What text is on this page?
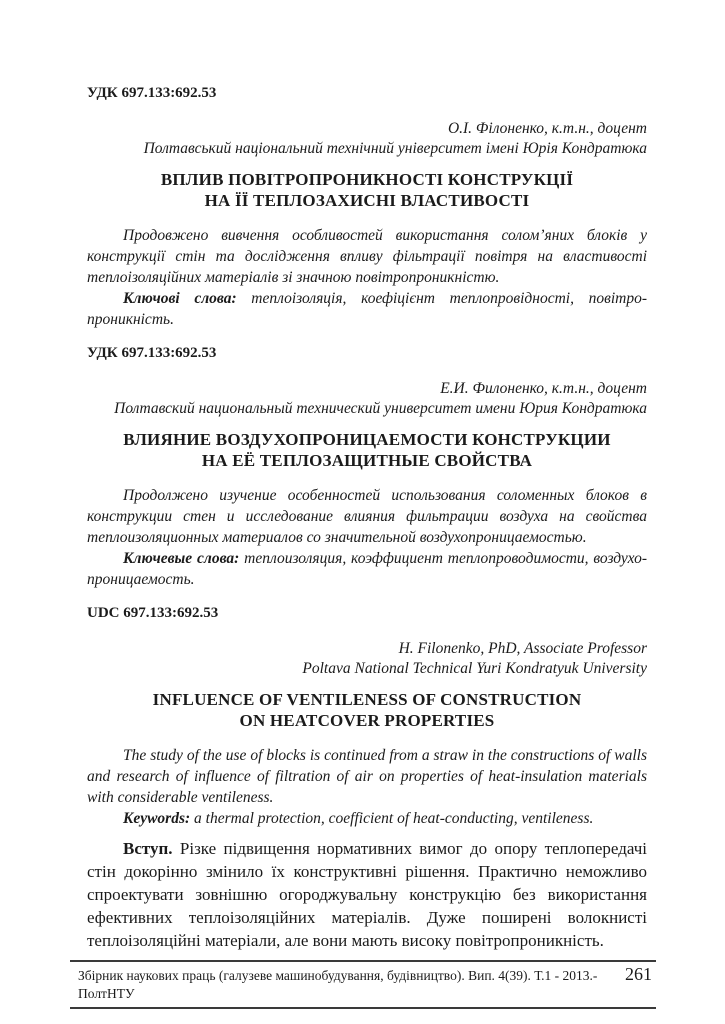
УДК 697.133:692.53

О.І. Філоненко, к.т.н., доцент
Полтавський національний технічний університет імені Юрія Кондратюка
ВПЛИВ ПОВІТРОПРОНИКНОСТІ КОНСТРУКЦІЇ
НА ЇЇ ТЕПЛОЗАХИСНІ ВЛАСТИВОСТІ

Продовжено вивчення особливостей використання солом’яних блоків у конструкції стін та дослідження впливу фільтрації повітря на властивості теплоізоляційних матеріалів зі значною повітропроникністю.

Ключові слова: теплоізоляція, коефіцієнт теплопровідності, повітро-проникність.

УДК 697.133:692.53

Е.И. Филоненко, к.т.н., доцент
Полтавский национальный технический университет имени Юрия Кондратюка
ВЛИЯНИЕ ВОЗДУХОПРОНИЦАЕМОСТИ КОНСТРУКЦИИ
НА ЕЁ ТЕПЛОЗАЩИТНЫЕ СВОЙСТВА

Продолжено изучение особенностей использования соломенных блоков в конструкции стен и исследование влияния фильтрации воздуха на свойства теплоизоляционных материалов со значительной воздухопроницаемостью.

Ключевые слова: теплоизоляция, коэффициент теплопроводимости, воздухо-проницаемость.

UDC 697.133:692.53

H. Filonenko, PhD, Associate Professor
Poltava National Technical Yuri Kondratyuk University
INFLUENCE OF VENTILENESS OF CONSTRUCTION
ON HEATCOVER PROPERTIES

The study of the use of blocks is continued from a straw in the constructions of walls and research of influence of filtration of air on properties of heat-insulation materials with considerable ventileness.

Keywords: a thermal protection, coefficient of heat-conducting, ventileness.

Вступ. Різке підвищення нормативних вимог до опору теплопередачі стін докорінно змінило їх конструктивні рішення. Практично неможливо спроектувати зовнішню огороджувальну конструкцію без використання ефективних теплоізоляційних матеріалів. Дуже поширені волокнисті теплоізоляційні матеріали, але вони мають високу повітропроникність.

Збірник наукових праць (галузеве машинобудування, будівництво). Вип. 4(39). Т.1 - 2013.- ПолтНТУ
261
